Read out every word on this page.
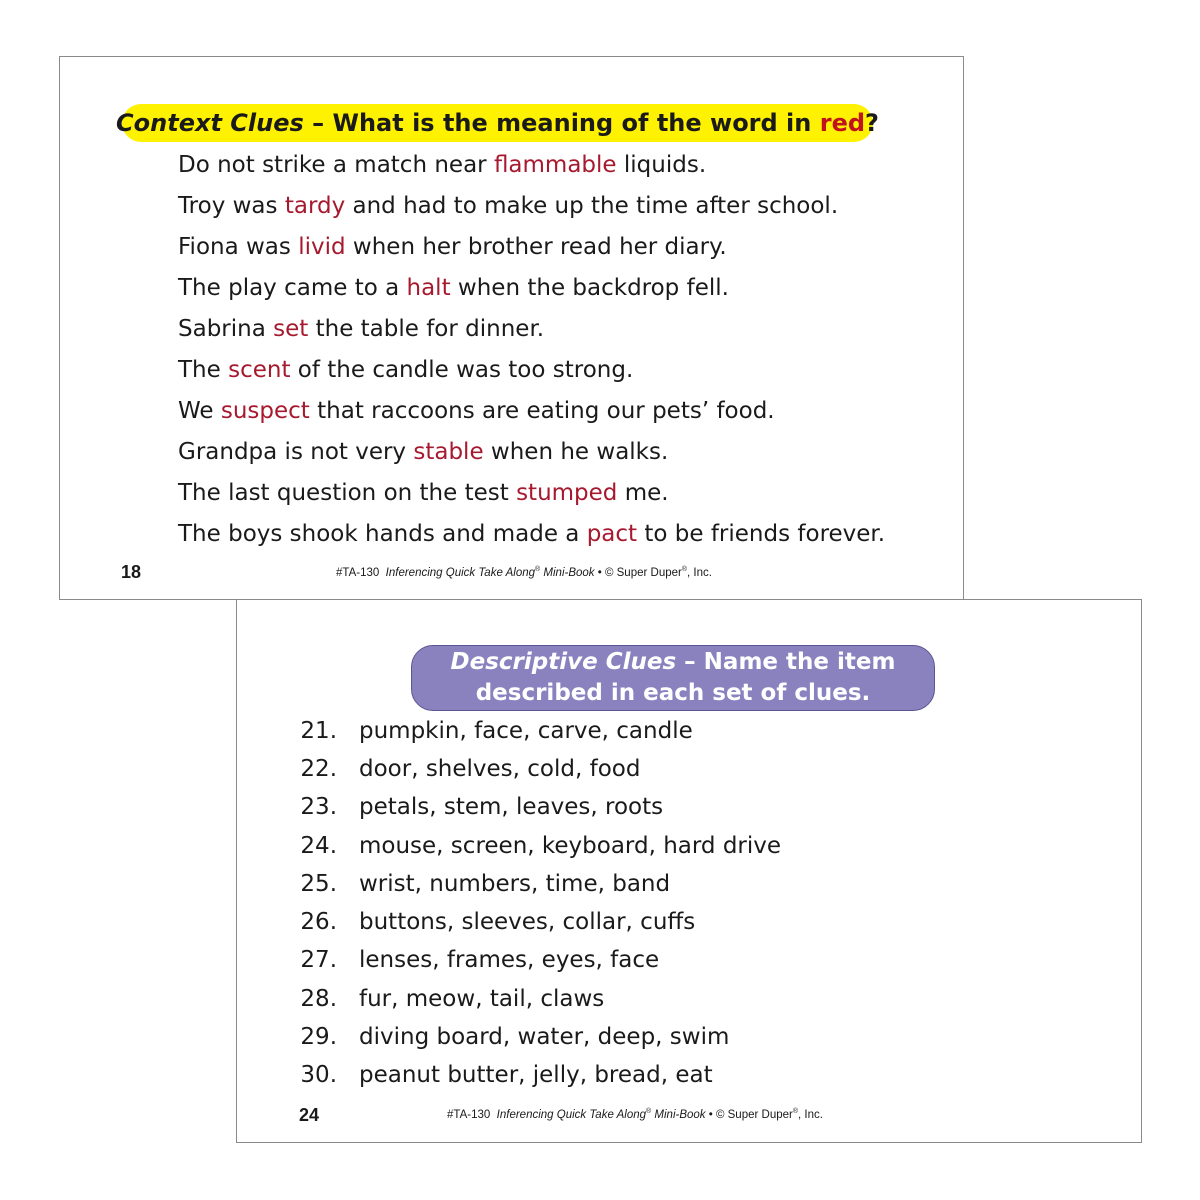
Context Clues – What is the meaning of the word in red ?
Do not strike a match near flammable liquids.
Troy was tardy and had to make up the time after school.
Fiona was livid when her brother read her diary.
The play came to a halt when the backdrop fell.
Sabrina set the table for dinner.
The scent of the candle was too strong.
We suspect that raccoons are eating our pets’ food.
Grandpa is not very stable when he walks.
The last question on the test stumped me.
The boys shook hands and made a pact to be friends forever.
18	#TA-130 Inferencing Quick Take Along® Mini-Book • © Super Duper®, Inc.
Descriptive Clues – Name the item
described in each set of clues.
21. pumpkin, face, carve, candle
22. door, shelves, cold, food
23. petals, stem, leaves, roots
24. mouse, screen, keyboard, hard drive
25. wrist, numbers, time, band
26. buttons, sleeves, collar, cuffs
27. lenses, frames, eyes, face
28. fur, meow, tail, claws
29. diving board, water, deep, swim
30. peanut butter, jelly, bread, eat
24	#TA-130 Inferencing Quick Take Along® Mini-Book • © Super Duper®, Inc.
